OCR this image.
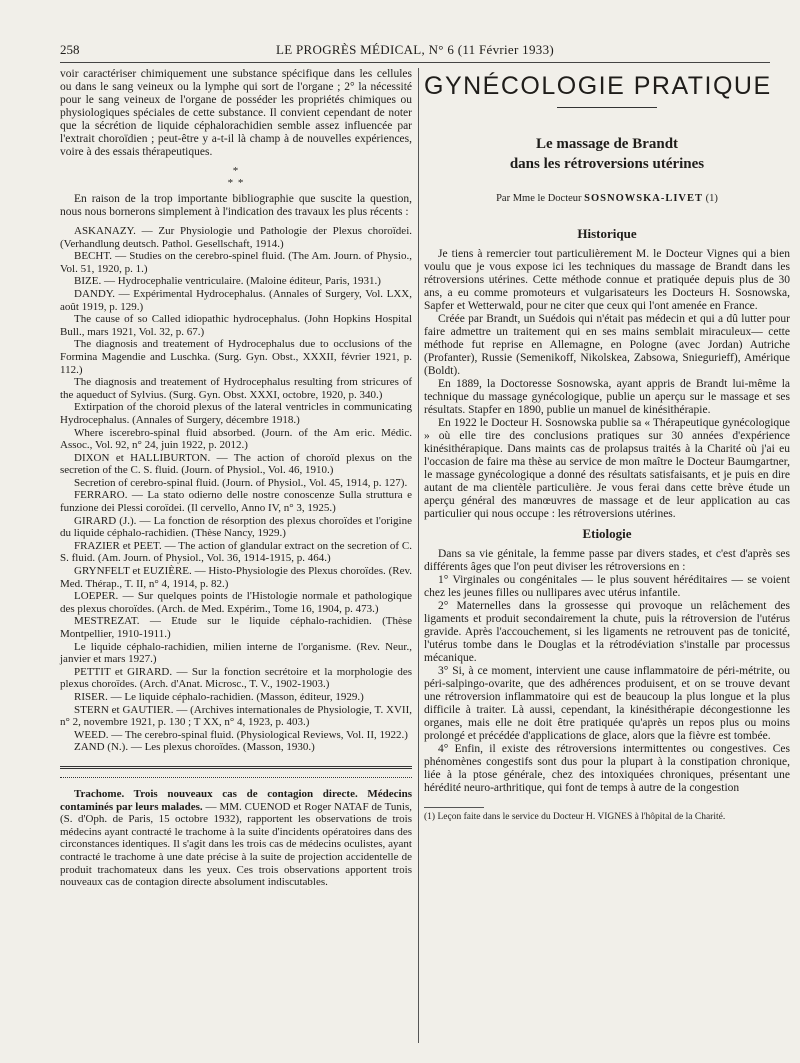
258	LE PROGRÈS MÉDICAL, N° 6 (11 Février 1933)

voir caractériser chimiquement une substance spécifique dans les cellules ou dans le sang veineux ou la lymphe qui sort de l'organe ; 2° la nécessité pour le sang veineux de l'organe de posséder les propriétés chimiques ou physiologiques spéciales de cette substance. Il convient cependant de noter que la sécrétion de liquide céphalorachidien semble assez influencée par l'extrait choroïdien ; peut-être y a-t-il là champ à de nouvelles expériences, voire à des essais thérapeutiques.

*
* *

En raison de la trop importante bibliographie que suscite la question, nous nous bornerons simplement à l'indication des travaux les plus récents :

ASKANAZY. — Zur Physiologie und Pathologie der Plexus choroïdei. (Verhandlung deutsch. Pathol. Gesellschaft, 1914.)

BECHT. — Studies on the cerebro-spinel fluid. (The Am. Journ. of Physio., Vol. 51, 1920, p. 1.)

BIZE. — Hydrocephalie ventriculaire. (Maloine éditeur, Paris, 1931.)

DANDY. — Expérimental Hydrocephalus. (Annales of Surgery, Vol. LXX, août 1919, p. 129.)

The cause of so Called idiopathic hydrocephalus. (John Hopkins Hospital Bull., mars 1921, Vol. 32, p. 67.)

The diagnosis and treatement of Hydrocephalus due to occlusions of the Formina Magendie and Luschka. (Surg. Gyn. Obst., XXXII, février 1921, p. 112.)

The diagnosis and treatement of Hydrocephalus resulting from stricures of the aqueduct of Sylvius. (Surg. Gyn. Obst. XXXI, octobre, 1920, p. 340.)

Extirpation of the choroid plexus of the lateral ventricles in communicating Hydrocephalus. (Annales of Surgery, décembre 1918.)

Where iscerebro-spinal fluid absorbed. (Journ. of the Am eric. Médic. Assoc., Vol. 92, n° 24, juin 1922, p. 2012.)

DIXON et HALLIBURTON. — The action of choroïd plexus on the secretion of the C. S. fluid. (Journ. of Physiol., Vol. 46, 1910.)

Secretion of cerebro-spinal fluid. (Journ. of Physiol., Vol. 45, 1914, p. 127).

FERRARO. — La stato odierno delle nostre conoscenze Sulla struttura e funzione dei Plessi coroïdei. (Il cervello, Anno IV, n° 3, 1925.)

GIRARD (J.). — La fonction de résorption des plexus choroïdes et l'origine du liquide céphalo-rachidien. (Thèse Nancy, 1929.)

FRAZIER et PEET. — The action of glandular extract on the secretion of C. S. fluid. (Am. Journ. of Physiol., Vol. 36, 1914-1915, p. 464.)

GRYNFELT et EUZIÈRE. — Histo-Physiologie des Plexus choroïdes. (Rev. Med. Thérap., T. II, n° 4, 1914, p. 82.)

LOEPER. — Sur quelques points de l'Histologie normale et pathologique des plexus choroïdes. (Arch. de Med. Expérim., Tome 16, 1904, p. 473.)

MESTREZAT. — Etude sur le liquide céphalo-rachidien. (Thèse Montpellier, 1910-1911.)

Le liquide céphalo-rachidien, milien interne de l'organisme. (Rev. Neur., janvier et mars 1927.)

PETTIT et GIRARD. — Sur la fonction secrétoire et la morphologie des plexus choroïdes. (Arch. d'Anat. Microsc., T. V., 1902-1903.)

RISER. — Le liquide céphalo-rachidien. (Masson, éditeur, 1929.)

STERN et GAUTIER. — (Archives internationales de Physiologie, T. XVII, n° 2, novembre 1921, p. 130 ; T XX, n° 4, 1923, p. 403.)

WEED. — The cerebro-spinal fluid. (Physiological Reviews, Vol. II, 1922.)

ZAND (N.). — Les plexus choroïdes. (Masson, 1930.)

Trachome. Trois nouveaux cas de contagion directe. Médecins contaminés par leurs malades. — MM. CUENOD et Roger NATAF de Tunis, (S. d'Oph. de Paris, 15 octobre 1932), rapportent les observations de trois médecins ayant contracté le trachome à la suite d'incidents opératoires dans des circonstances identiques. Il s'agit dans les trois cas de médecins oculistes, ayant contracté le trachome à une date précise à la suite de projection accidentelle de produit trachomateux dans les yeux. Ces trois observations apportent trois nouveaux cas de contagion directe absolument indiscutables.

GYNÉCOLOGIE PRATIQUE
Le massage de Brandt
dans les rétroversions utérines
Par Mme le Docteur SOSNOWSKA-LIVET (1)
Historique

Je tiens à remercier tout particulièrement M. le Docteur Vignes qui a bien voulu que je vous expose ici les techniques du massage de Brandt dans les rétroversions utérines. Cette méthode connue et pratiquée depuis plus de 30 ans, a eu comme promoteurs et vulgarisateurs les Docteurs H. Sosnowska, Sapfer et Wetterwald, pour ne citer que ceux qui l'ont amenée en France.

Créée par Brandt, un Suédois qui n'était pas médecin et qui a dû lutter pour faire admettre un traitement qui en ses mains semblait miraculeux— cette méthode fut reprise en Allemagne, en Pologne (avec Jordan) Autriche (Profanter), Russie (Semenikoff, Nikolskea, Zabsowa, Sniegurieff), Amérique (Boldt).

En 1889, la Doctoresse Sosnowska, ayant appris de Brandt lui-même la technique du massage gynécologique, publie un aperçu sur le massage et ses résultats. Stapfer en 1890, publie un manuel de kinésithérapie.

En 1922 le Docteur H. Sosnowska publie sa « Thérapeutique gynécologique » où elle tire des conclusions pratiques sur 30 années d'expérience kinésithérapique. Dans maints cas de prolapsus traités à la Charité où j'ai eu l'occasion de faire ma thèse au service de mon maître le Docteur Baumgartner, le massage gynécologique a donné des résultats satisfaisants, et je puis en dire autant de ma clientèle particulière. Je vous ferai dans cette brève étude un aperçu général des manœuvres de massage et de leur application au cas particulier qui nous occupe : les rétroversions utérines.

Etiologie

Dans sa vie génitale, la femme passe par divers stades, et c'est d'après ses différents âges que l'on peut diviser les rétroversions en :

1° Virginales ou congénitales — le plus souvent héréditaires — se voient chez les jeunes filles ou nullipares avec utérus infantile.

2° Maternelles dans la grossesse qui provoque un relâchement des ligaments et produit secondairement la chute, puis la rétroversion de l'utérus gravide. Après l'accouchement, si les ligaments ne retrouvent pas de tonicité, l'utérus tombe dans le Douglas et la rétrodéviation s'installe par processus mécanique.

3° Si, à ce moment, intervient une cause inflammatoire de péri-métrite, ou péri-salpingo-ovarite, que des adhérences produisent, et on se trouve devant une rétroversion inflammatoire qui est de beaucoup la plus longue et la plus difficile à traiter. Là aussi, cependant, la kinésithérapie décongestionne les organes, mais elle ne doit être pratiquée qu'après un repos plus ou moins prolongé et précédée d'applications de glace, alors que la fièvre est tombée.

4° Enfin, il existe des rétroversions intermittentes ou congestives. Ces phénomènes congestifs sont dus pour la plupart à la constipation chronique, liée à la ptose générale, chez des intoxiquées chroniques, présentant une hérédité neuro-arthritique, qui font de temps à autre de la congestion

(1) Leçon faite dans le service du Docteur H. VIGNES à l'hôpital de la Charité.
